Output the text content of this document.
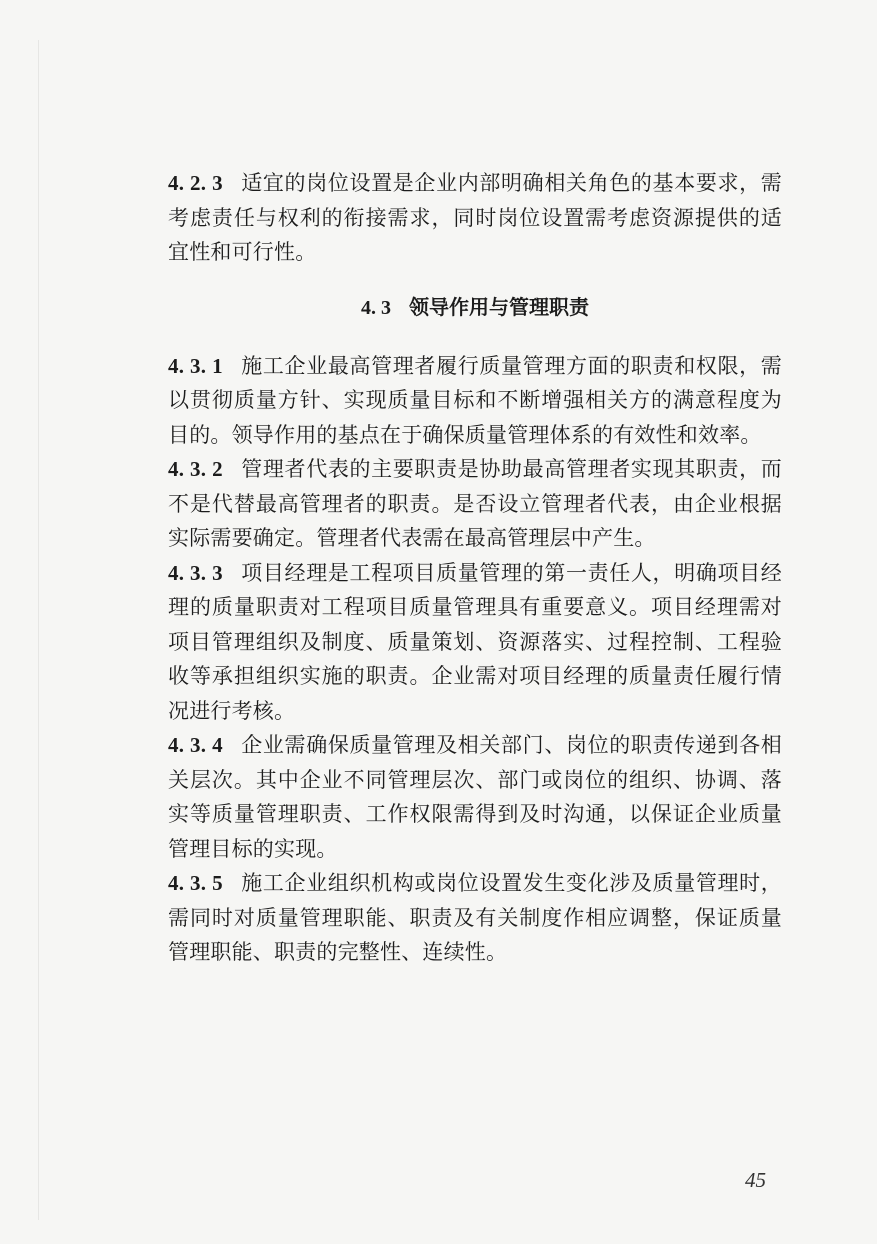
4. 2. 3 适宜的岗位设置是企业内部明确相关角色的基本要求，需考虑责任与权利的衔接需求，同时岗位设置需考虑资源提供的适宜性和可行性。

4. 3 领导作用与管理职责

4. 3. 1 施工企业最高管理者履行质量管理方面的职责和权限，需以贯彻质量方针、实现质量目标和不断增强相关方的满意程度为目的。领导作用的基点在于确保质量管理体系的有效性和效率。

4. 3. 2 管理者代表的主要职责是协助最高管理者实现其职责，而不是代替最高管理者的职责。是否设立管理者代表，由企业根据实际需要确定。管理者代表需在最高管理层中产生。

4. 3. 3 项目经理是工程项目质量管理的第一责任人，明确项目经理的质量职责对工程项目质量管理具有重要意义。项目经理需对项目管理组织及制度、质量策划、资源落实、过程控制、工程验收等承担组织实施的职责。企业需对项目经理的质量责任履行情况进行考核。

4. 3. 4 企业需确保质量管理及相关部门、岗位的职责传递到各相关层次。其中企业不同管理层次、部门或岗位的组织、协调、落实等质量管理职责、工作权限需得到及时沟通，以保证企业质量管理目标的实现。

4. 3. 5 施工企业组织机构或岗位设置发生变化涉及质量管理时，需同时对质量管理职能、职责及有关制度作相应调整，保证质量管理职能、职责的完整性、连续性。

45
